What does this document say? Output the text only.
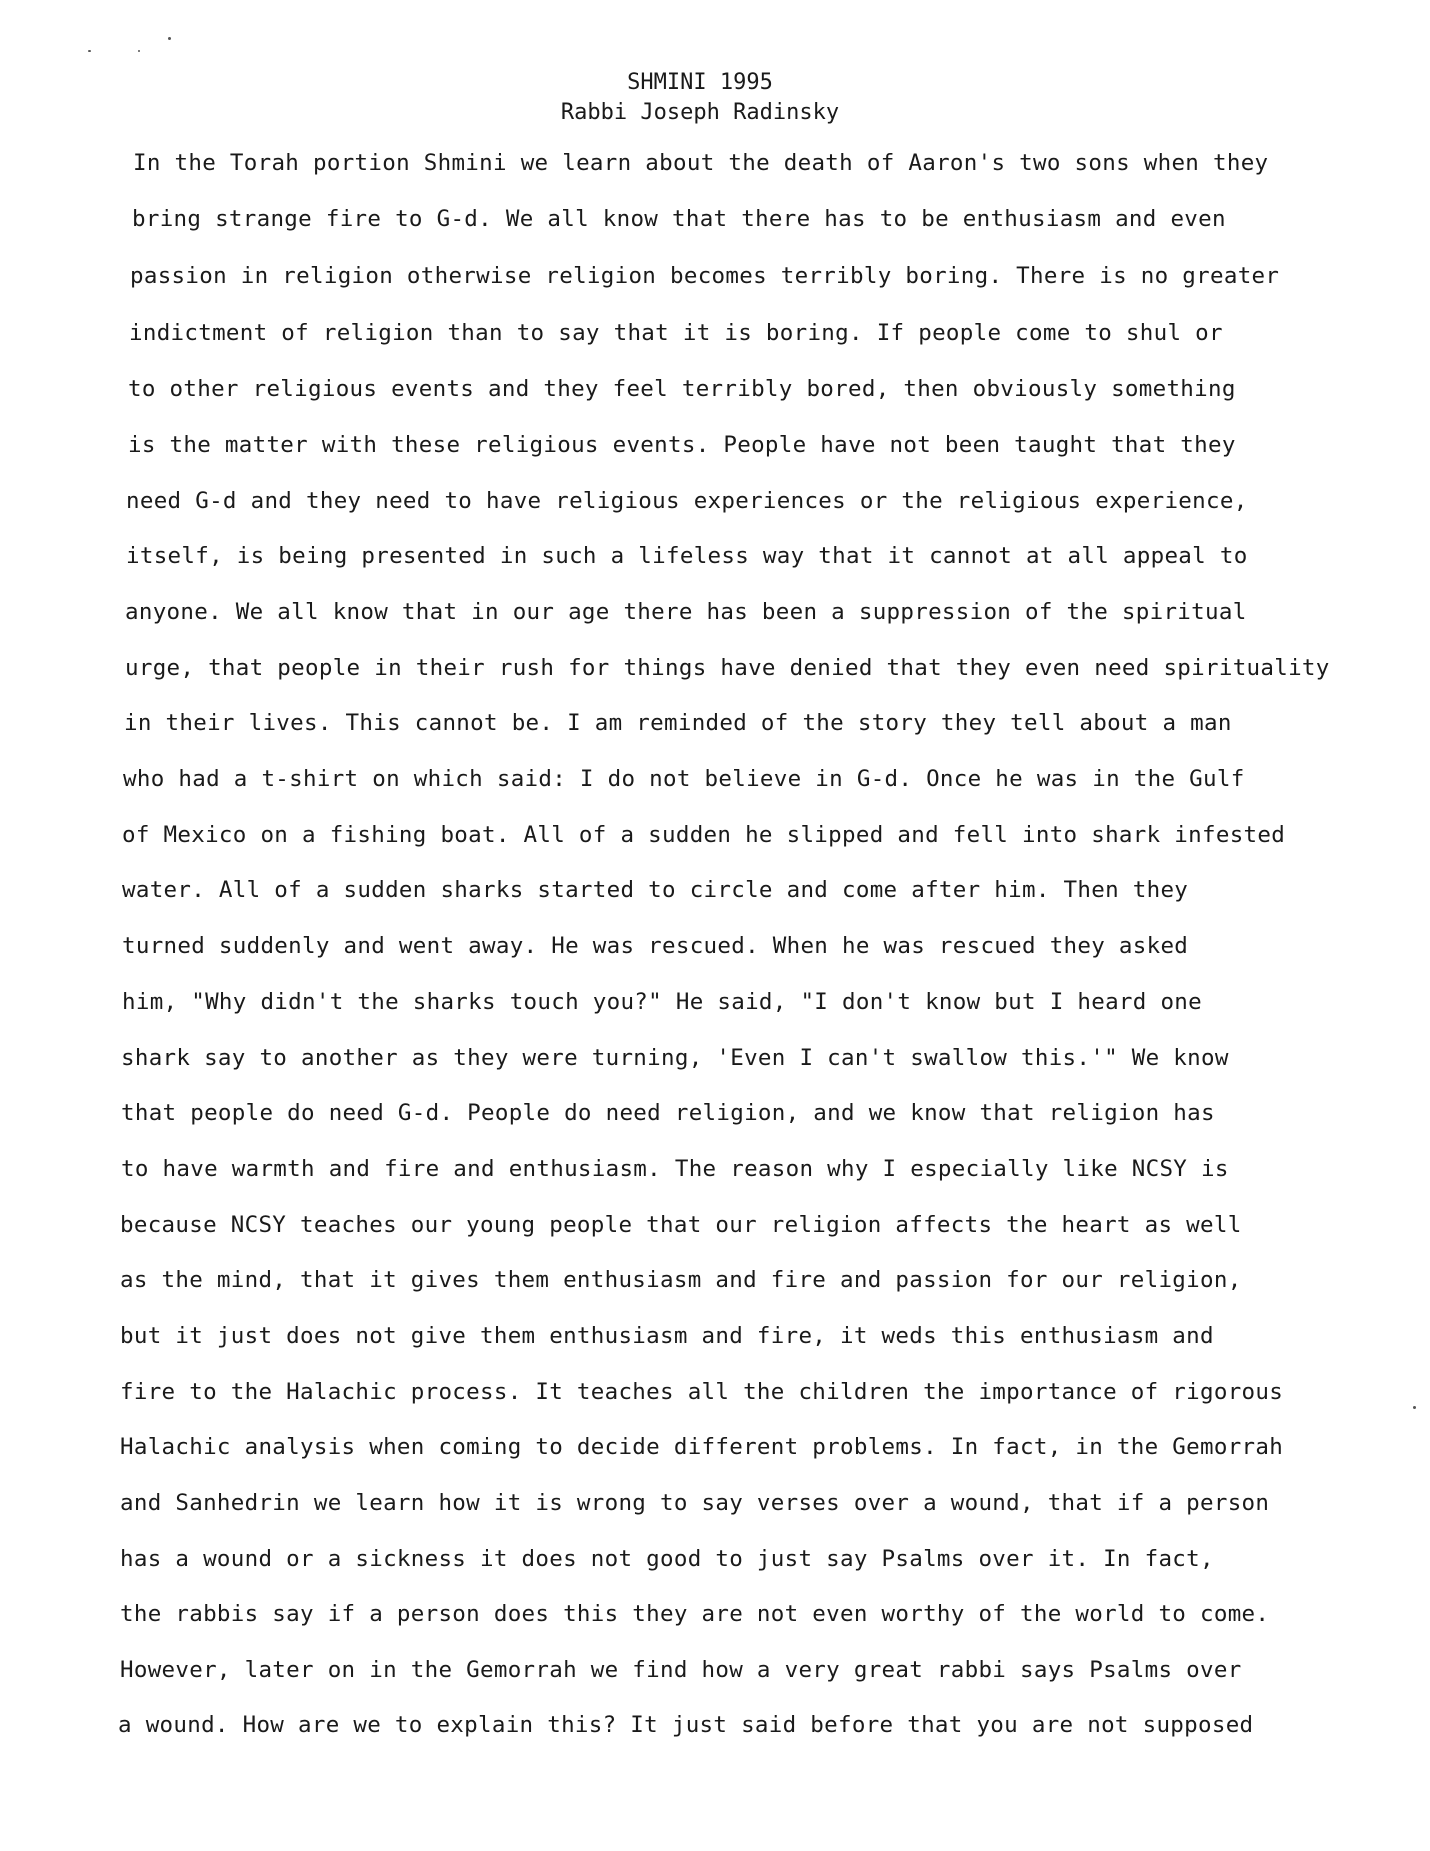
SHMINI 1995
Rabbi Joseph Radinsky
In the Torah portion Shmini we learn about the death of Aaron's two sons when they
bring strange fire to G-d. We all know that there has to be enthusiasm and even
passion in religion otherwise religion becomes terribly boring. There is no greater
indictment of religion than to say that it is boring. If people come to shul or
to other religious events and they feel terribly bored, then obviously something
is the matter with these religious events. People have not been taught that they
need G-d and they need to have religious experiences or the religious experience,
itself, is being presented in such a lifeless way that it cannot at all appeal to
anyone. We all know that in our age there has been a suppression of the spiritual
urge, that people in their rush for things have denied that they even need spirituality
in their lives. This cannot be. I am reminded of the story they tell about a man
who had a t-shirt on which said: I do not believe in G-d. Once he was in the Gulf
of Mexico on a fishing boat. All of a sudden he slipped and fell into shark infested
water. All of a sudden sharks started to circle and come after him. Then they
turned suddenly and went away. He was rescued. When he was rescued they asked
him, "Why didn't the sharks touch you?" He said, "I don't know but I heard one
shark say to another as they were turning, 'Even I can't swallow this.'" We know
that people do need G-d. People do need religion, and we know that religion has
to have warmth and fire and enthusiasm. The reason why I especially like NCSY is
because NCSY teaches our young people that our religion affects the heart as well
as the mind, that it gives them enthusiasm and fire and passion for our religion,
but it just does not give them enthusiasm and fire, it weds this enthusiasm and
fire to the Halachic process. It teaches all the children the importance of rigorous
Halachic analysis when coming to decide different problems. In fact, in the Gemorrah
and Sanhedrin we learn how it is wrong to say verses over a wound, that if a person
has a wound or a sickness it does not good to just say Psalms over it. In fact,
the rabbis say if a person does this they are not even worthy of the world to come.
However, later on in the Gemorrah we find how a very great rabbi says Psalms over
a wound. How are we to explain this? It just said before that you are not supposed
